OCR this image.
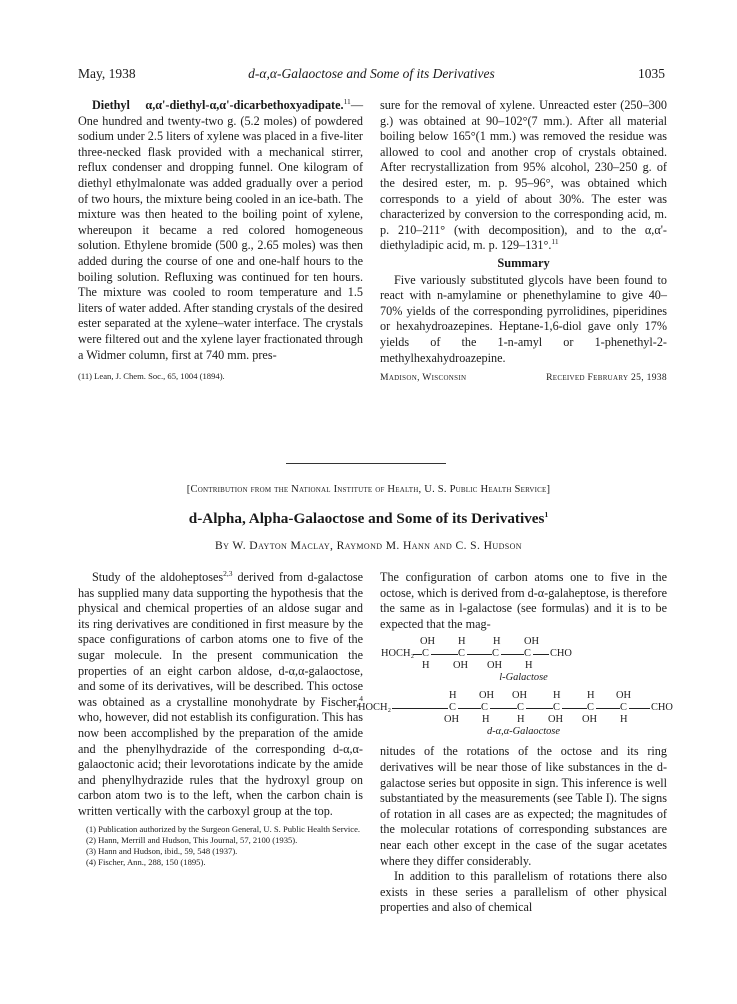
May, 1938	d-α,α-Galaoctose and Some of its Derivatives	1035

Diethyl α,α'-diethyl-α,α'-dicarbethoxyadipate.$^{11}$—One hundred and twenty-two g. (5.2 moles) of powdered sodium under 2.5 liters of xylene was placed in a five-liter three-necked flask provided with a mechanical stirrer, reflux condenser and dropping funnel. One kilogram of diethyl ethylmalonate was added gradually over a period of two hours, the mixture being cooled in an ice-bath. The mixture was then heated to the boiling point of xylene, whereupon it became a red colored homogeneous solution. Ethylene bromide (500 g., 2.65 moles) was then added during the course of one and one-half hours to the boiling solution. Refluxing was continued for ten hours. The mixture was cooled to room temperature and 1.5 liters of water added. After standing crystals of the desired ester separated at the xylene–water interface. The crystals were filtered out and the xylene layer fractionated through a Widmer column, first at 740 mm. pres-

(11) Lean, J. Chem. Soc., 65, 1004 (1894).

sure for the removal of xylene. Unreacted ester (250–300 g.) was obtained at 90–102°(7 mm.). After all material boiling below 165°(1 mm.) was removed the residue was allowed to cool and another crop of crystals obtained. After recrystallization from 95% alcohol, 230–250 g. of the desired ester, m. p. 95–96°, was obtained which corresponds to a yield of about 30%. The ester was characterized by conversion to the corresponding acid, m. p. 210–211° (with decomposition), and to the α,α'-diethyladipic acid, m. p. 129–131°.$^{11}$

Summary

Five variously substituted glycols have been found to react with n-amylamine or phenethylamine to give 40–70% yields of the corresponding pyrrolidines, piperidines or hexahydroazepines. Heptane-1,6-diol gave only 17% yields of the 1-n-amyl or 1-phenethyl-2-methylhexahydroazepine.

Madison, Wisconsin	Received February 25, 1938
[Contribution from the National Institute of Health, U. S. Public Health Service]
d-Alpha, Alpha-Galaoctose and Some of its Derivatives$^1$
By W. Dayton Maclay, Raymond M. Hann and C. S. Hudson

Study of the aldoheptoses$^{2,3}$ derived from d-galactose has supplied many data supporting the hypothesis that the physical and chemical properties of an aldose sugar and its ring derivatives are conditioned in first measure by the space configurations of carbon atoms one to five of the sugar molecule. In the present communication the properties of an eight carbon aldose, d-α,α-galaoctose, and some of its derivatives, will be described. This octose was obtained as a crystalline monohydrate by Fischer,$^4$ who, however, did not establish its configuration. This has now been accomplished by the preparation of the amide and the phenylhydrazide of the corresponding d-α,α-galaoctonic acid; their levorotations indicate by the amide and phenylhydrazide rules that the hydroxyl group on carbon atom two is to the left, when the carbon chain is written vertically with the carboxyl group at the top.

(1) Publication authorized by the Surgeon General, U. S. Public Health Service.
(2) Hann, Merrill and Hudson, This Journal, 57, 2100 (1935).
(3) Hann and Hudson, ibid., 59, 548 (1937).
(4) Fischer, Ann., 288, 150 (1895).

The configuration of carbon atoms one to five in the octose, which is derived from d-α-galaheptose, is therefore the same as in l-galactose (see formulas) and it is to be expected that the mag-

OH H	H OH
HOCH₂ C	C	C C CHO
H OH OH H
l-Galactose
H OH OH H	H OH
HOCH₂	C C	C	C	C	C CHO
OH H	H OH OH H
d-α,α-Galaoctose

nitudes of the rotations of the octose and its ring derivatives will be near those of like substances in the d-galactose series but opposite in sign. This inference is well substantiated by the measurements (see Table I). The signs of rotation in all cases are as expected; the magnitudes of the molecular rotations of corresponding substances are near each other except in the case of the sugar acetates where they differ considerably.

In addition to this parallelism of rotations there also exists in these series a parallelism of other physical properties and also of chemical
